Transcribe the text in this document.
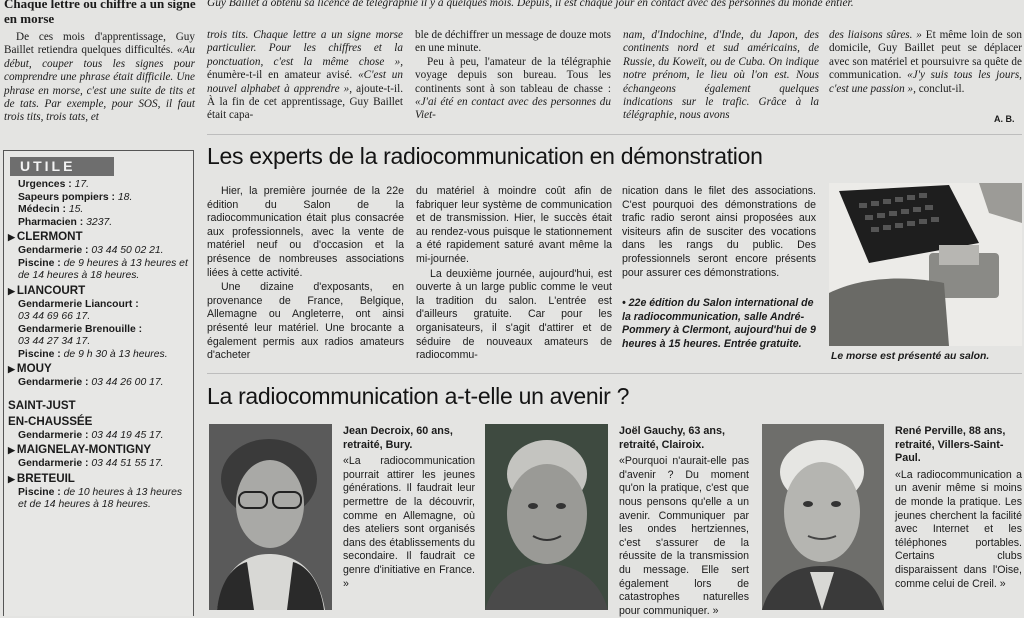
Chaque lettre ou chiffre a un signe en morse

De ces mois d'apprentissage, Guy Baillet retiendra quelques difficultés. «Au début, couper tous les signes pour comprendre une phrase était difficile. Une phrase en morse, c'est une suite de tits et de tats. Par exemple, pour SOS, il faut trois tits, trois tats, et

Guy Baillet a obtenu sa licence de télégraphie il y a quelques mois. Depuis, il est chaque jour en contact avec des personnes du monde entier.

trois tits. Chaque lettre a un signe morse particulier. Pour les chiffres et la ponctuation, c'est la même chose », énumère-t-il en amateur avisé. «C'est un nouvel alphabet à apprendre », ajoute-t-il. À la fin de cet apprentissage, Guy Baillet était capa-

ble de déchiffrer un message de douze mots en une minute.
Peu à peu, l'amateur de la télégraphie voyage depuis son bureau. Tous les continents sont à son tableau de chasse : «J'ai été en contact avec des personnes du Viet-

nam, d'Indochine, d'Inde, du Japon, des continents nord et sud américains, de Russie, du Koweït, ou de Cuba. On indique notre prénom, le lieu où l'on est. Nous échangeons également quelques indications sur le trafic. Grâce à la télégraphie, nous avons

des liaisons sûres. » Et même loin de son domicile, Guy Baillet peut se déplacer avec son matériel et poursuivre sa quête de communication. «J'y suis tous les jours, c'est une passion », conclut-il.

A. B.
UTILE

Urgences : 17.

Sapeurs pompiers : 18.

Médecin : 15.

Pharmacien : 3237.

▶ CLERMONT

Gendarmerie : 03 44 50 02 21.

Piscine : de 9 heures à 13 heures et de 14 heures à 18 heures.

▶ LIANCOURT

Gendarmerie Liancourt :

03 44 69 66 17.

Gendarmerie Brenouille :

03 44 27 34 17.

Piscine : de 9 h 30 à 13 heures.

▶ MOUY

Gendarmerie : 03 44 26 00 17.

SAINT-JUST

EN-CHAUSSÉE

Gendarmerie : 03 44 19 45 17.

▶ MAIGNELAY-MONTIGNY

Gendarmerie : 03 44 51 55 17.

▶ BRETEUIL

Piscine : de 10 heures à 13 heures et de 14 heures à 18 heures.

Les experts de la radiocommunication en démonstration

Hier, la première journée de la 22e édition du Salon de la radiocommunication était plus consacrée aux professionnels, avec la vente de matériel neuf ou d'occasion et la présence de nombreuses associations liées à cette activité.
Une dizaine d'exposants, en provenance de France, Belgique, Allemagne ou Angleterre, ont ainsi présenté leur matériel. Une brocante a également permis aux radios amateurs d'acheter

du matériel à moindre coût afin de fabriquer leur système de communication et de transmission. Hier, le succès était au rendez-vous puisque le stationnement a été rapidement saturé avant même la mi-journée.
La deuxième journée, aujourd'hui, est ouverte à un large public comme le veut la tradition du salon. L'entrée est d'ailleurs gratuite. Car pour les organisateurs, il s'agit d'attirer et de séduire de nouveaux amateurs de radiocommu-

nication dans le filet des associations. C'est pourquoi des démonstrations de trafic radio seront ainsi proposées aux visiteurs afin de susciter des vocations dans les rangs du public. Des professionnels seront encore présents pour assurer ces démonstrations.

• 22e édition du Salon international de la radiocommunication, salle André-Pommery à Clermont, aujourd'hui de 9 heures à 15 heures. Entrée gratuite.

Le morse est présenté au salon.
La radiocommunication a-t-elle un avenir ?

Jean Decroix, 60 ans, retraité, Bury.

«La radiocommunication pourrait attirer les jeunes générations. Il faudrait leur permettre de la découvrir, comme en Allemagne, où des ateliers sont organisés dans des établissements du secondaire. Il faudrait ce genre d'initiative en France. »

Joël Gauchy, 63 ans, retraité, Clairoix.

«Pourquoi n'aurait-elle pas d'avenir ? Du moment qu'on la pratique, c'est que nous pensons qu'elle a un avenir. Communiquer par les ondes hertziennes, c'est s'assurer de la réussite de la transmission du message. Elle sert également lors de catastrophes naturelles pour communiquer. »

René Perville, 88 ans, retraité, Villers-Saint-Paul.

«La radiocommunication a un avenir même si moins de monde la pratique. Les jeunes cherchent la facilité avec Internet et les téléphones portables. Certains clubs disparaissent dans l'Oise, comme celui de Creil. »
